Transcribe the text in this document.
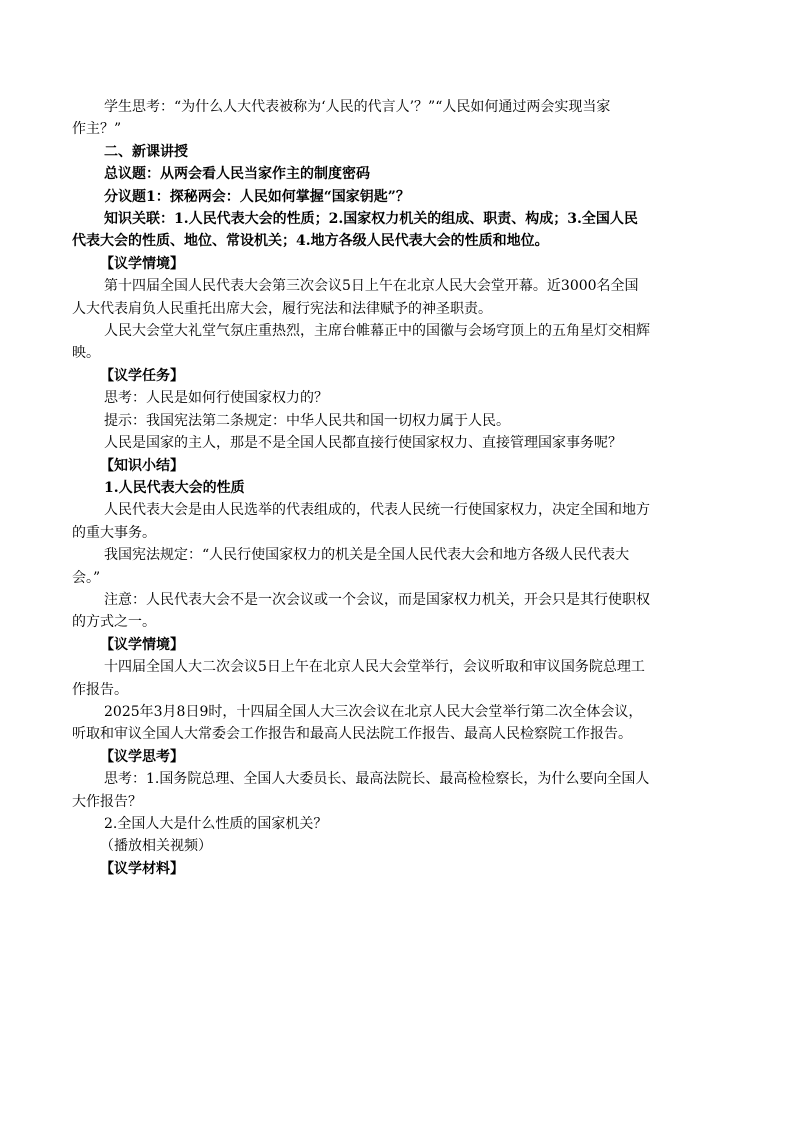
学生思考：“为什么人大代表被称为‘人民的代言人’？”“人民如何通过两会实现当家

作主？”

二、新课讲授

总议题：从两会看人民当家作主的制度密码

分议题1：探秘两会：人民如何掌握“国家钥匙”？

知识关联：1.人民代表大会的性质；2.国家权力机关的组成、职责、构成；3.全国人民

代表大会的性质、地位、常设机关；4.地方各级人民代表大会的性质和地位。

【议学情境】

第十四届全国人民代表大会第三次会议5日上午在北京人民大会堂开幕。近3000名全国

人大代表肩负人民重托出席大会，履行宪法和法律赋予的神圣职责。

人民大会堂大礼堂气氛庄重热烈，主席台帷幕正中的国徽与会场穹顶上的五角星灯交相辉

映。

【议学任务】

思考：人民是如何行使国家权力的？

提示：我国宪法第二条规定：中华人民共和国一切权力属于人民。

人民是国家的主人，那是不是全国人民都直接行使国家权力、直接管理国家事务呢？

【知识小结】

1.人民代表大会的性质

人民代表大会是由人民选举的代表组成的，代表人民统一行使国家权力，决定全国和地方

的重大事务。

我国宪法规定：“人民行使国家权力的机关是全国人民代表大会和地方各级人民代表大

会。”

注意：人民代表大会不是一次会议或一个会议，而是国家权力机关，开会只是其行使职权

的方式之一。

【议学情境】

十四届全国人大二次会议5日上午在北京人民大会堂举行，会议听取和审议国务院总理工

作报告。

2025年3月8日9时，十四届全国人大三次会议在北京人民大会堂举行第二次全体会议，

听取和审议全国人大常委会工作报告和最高人民法院工作报告、最高人民检察院工作报告。

【议学思考】

思考：1.国务院总理、全国人大委员长、最高法院长、最高检检察长，为什么要向全国人

大作报告？

2.全国人大是什么性质的国家机关？

（播放相关视频）

【议学材料】
